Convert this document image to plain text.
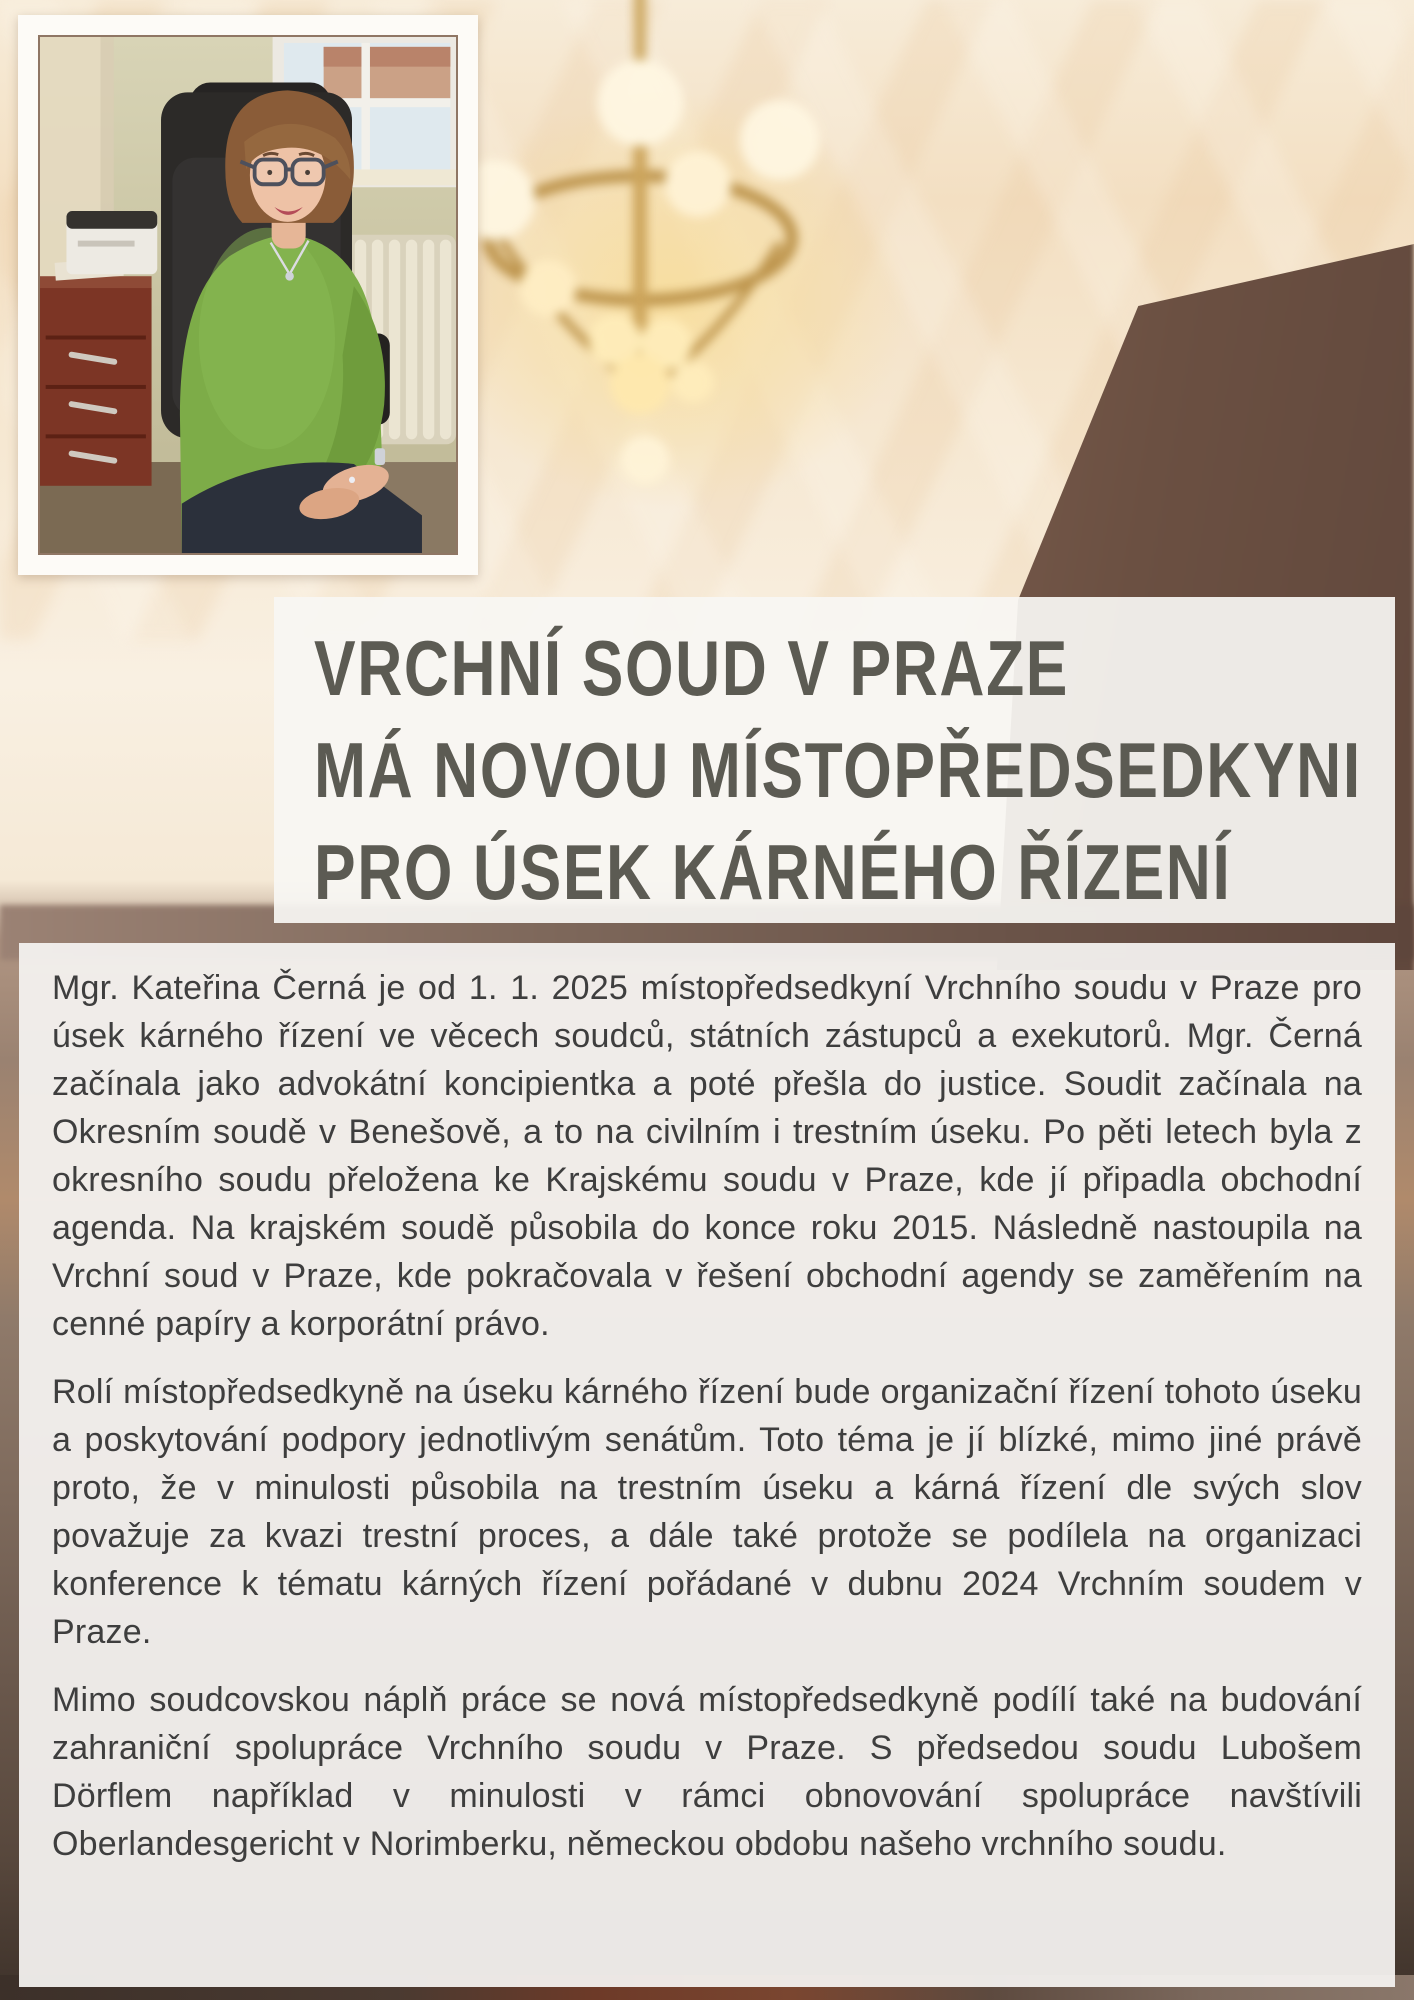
VRCHNÍ SOUD V PRAZE
MÁ NOVOU MÍSTOPŘEDSEDKYNI
PRO ÚSEK KÁRNÉHO ŘÍZENÍ

Mgr. Kateřina Černá je od 1. 1. 2025 místopředsedkyní Vrchního soudu v Praze pro úsek kárného řízení ve věcech soudců, státních zástupců a exekutorů. Mgr. Černá začínala jako advokátní koncipientka a poté přešla do justice. Soudit začínala na Okresním soudě v Benešově, a to na civilním i trestním úseku. Po pěti letech byla z okresního soudu přeložena ke Krajskému soudu v Praze, kde jí připadla obchodní agenda. Na krajském soudě působila do konce roku 2015. Následně nastoupila na Vrchní soud v Praze, kde pokračovala v řešení obchodní agendy se zaměřením na cenné papíry a korporátní právo.

Rolí místopředsedkyně na úseku kárného řízení bude organizační řízení tohoto úseku a poskytování podpory jednotlivým senátům. Toto téma je jí blízké, mimo jiné právě proto, že v minulosti působila na trestním úseku a kárná řízení dle svých slov považuje za kvazi trestní proces, a dále také protože se podílela na organizaci konference k tématu kárných řízení pořádané v dubnu 2024 Vrchním soudem v Praze.

Mimo soudcovskou náplň práce se nová místopředsedkyně podílí také na budování zahraniční spolupráce Vrchního soudu v Praze. S předsedou soudu Lubošem Dörflem například v minulosti v rámci obnovování spolupráce navštívili Oberlandesgericht v Norimberku, německou obdobu našeho vrchního soudu.
